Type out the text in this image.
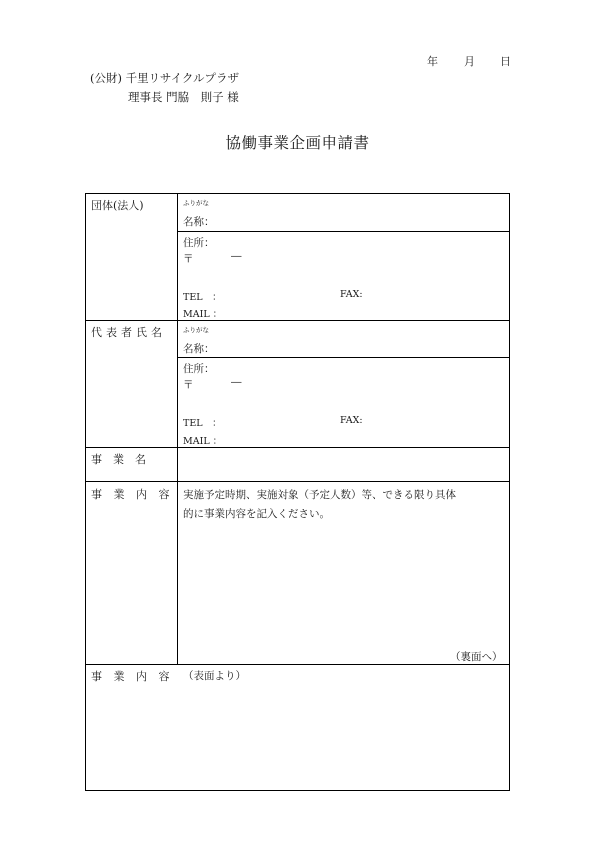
年 月 日
(公財) 千里リサイクルプラザ
理事長 門脇　則子 様
協働事業企画申請書
団体(法人)	ふりがな
名称：
住所：
〒	―
TEL　：	FAX:
MAIL ：
代表者氏名	ふりがな
名称：
住所：
〒	―
TEL　：	FAX:
MAIL ：
事　業　名
事 業 内 容 実施予定時期、実施対象（予定人数）等、できる限り具体
的に事業内容を記入ください。
（裏面へ）
事 業 内 容 （表面より）
